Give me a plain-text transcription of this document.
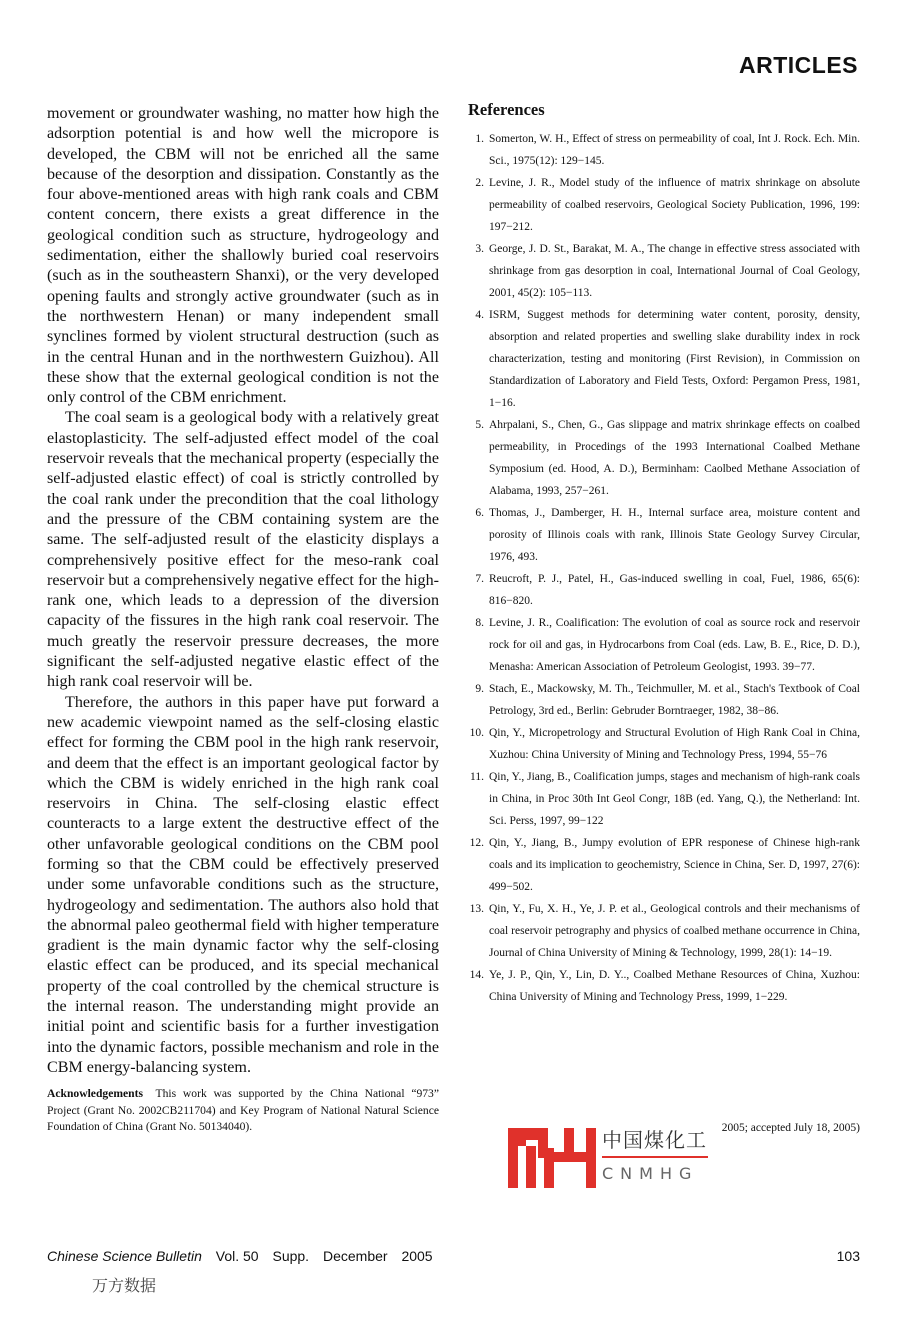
ARTICLES

movement or groundwater washing, no matter how high the adsorption potential is and how well the micropore is developed, the CBM will not be enriched all the same because of the desorption and dissipation. Constantly as the four above-mentioned areas with high rank coals and CBM content concern, there exists a great difference in the geological condition such as structure, hydrogeology and sedimentation, either the shallowly buried coal reservoirs (such as in the southeastern Shanxi), or the very developed opening faults and strongly active groundwater (such as in the northwestern Henan) or many independent small synclines formed by violent structural destruction (such as in the central Hunan and in the northwestern Guizhou). All these show that the external geological condition is not the only control of the CBM enrichment.

The coal seam is a geological body with a relatively great elastoplasticity. The self-adjusted effect model of the coal reservoir reveals that the mechanical property (especially the self-adjusted elastic effect) of coal is strictly controlled by the coal rank under the precondition that the coal lithology and the pressure of the CBM containing system are the same. The self-adjusted result of the elasticity displays a comprehensively positive effect for the meso-rank coal reservoir but a comprehensively negative effect for the high-rank one, which leads to a depression of the diversion capacity of the fissures in the high rank coal reservoir. The much greatly the reservoir pressure decreases, the more significant the self-adjusted negative elastic effect of the high rank coal reservoir will be.

Therefore, the authors in this paper have put forward a new academic viewpoint named as the self-closing elastic effect for forming the CBM pool in the high rank reservoir, and deem that the effect is an important geological factor by which the CBM is widely enriched in the high rank coal reservoirs in China. The self-closing elastic effect counteracts to a large extent the destructive effect of the other unfavorable geological conditions on the CBM pool forming so that the CBM could be effectively preserved under some unfavorable conditions such as the structure, hydrogeology and sedimentation. The authors also hold that the abnormal paleo geothermal field with higher temperature gradient is the main dynamic factor why the self-closing elastic effect can be produced, and its special mechanical property of the coal controlled by the chemical structure is the internal reason. The understanding might provide an initial point and scientific basis for a further investigation into the dynamic factors, possible mechanism and role in the CBM energy-balancing system.

Acknowledgements This work was supported by the China National “973” Project (Grant No. 2002CB211704) and Key Program of National Natural Science Foundation of China (Grant No. 50134040).

References
1. Somerton, W. H., Effect of stress on permeability of coal, Int J. Rock. Ech. Min. Sci., 1975(12): 129−145.
2. Levine, J. R., Model study of the influence of matrix shrinkage on absolute permeability of coalbed reservoirs, Geological Society Publication, 1996, 199: 197−212.
3. George, J. D. St., Barakat, M. A., The change in effective stress associated with shrinkage from gas desorption in coal, International Journal of Coal Geology, 2001, 45(2): 105−113.
4. ISRM, Suggest methods for determining water content, porosity, density, absorption and related properties and swelling slake durability index in rock characterization, testing and monitoring (First Revision), in Commission on Standardization of Laboratory and Field Tests, Oxford: Pergamon Press, 1981, 1−16.
5. Ahrpalani, S., Chen, G., Gas slippage and matrix shrinkage effects on coalbed permeability, in Procedings of the 1993 International Coalbed Methane Symposium (ed. Hood, A. D.), Berminham: Caolbed Methane Association of Alabama, 1993, 257−261.
6. Thomas, J., Damberger, H. H., Internal surface area, moisture content and porosity of Illinois coals with rank, Illinois State Geology Survey Circular, 1976, 493.
7. Reucroft, P. J., Patel, H., Gas-induced swelling in coal, Fuel, 1986, 65(6): 816−820.
8. Levine, J. R., Coalification: The evolution of coal as source rock and reservoir rock for oil and gas, in Hydrocarbons from Coal (eds. Law, B. E., Rice, D. D.), Menasha: American Association of Petroleum Geologist, 1993. 39−77.
9. Stach, E., Mackowsky, M. Th., Teichmuller, M. et al., Stach's Textbook of Coal Petrology, 3rd ed., Berlin: Gebruder Borntraeger, 1982, 38−86.
10. Qin, Y., Micropetrology and Structural Evolution of High Rank Coal in China, Xuzhou: China University of Mining and Technology Press, 1994, 55−76
11. Qin, Y., Jiang, B., Coalification jumps, stages and mechanism of high-rank coals in China, in Proc 30th Int Geol Congr, 18B (ed. Yang, Q.), the Netherland: Int. Sci. Perss, 1997, 99−122
12. Qin, Y., Jiang, B., Jumpy evolution of EPR responese of Chinese high-rank coals and its implication to geochemistry, Science in China, Ser. D, 1997, 27(6): 499−502.
13. Qin, Y., Fu, X. H., Ye, J. P. et al., Geological controls and their mechanisms of coal reservoir petrography and physics of coalbed methane occurrence in China, Journal of China University of Mining & Technology, 1999, 28(1): 14−19.
14. Ye, J. P., Qin, Y., Lin, D. Y.., Coalbed Methane Resources of China, Xuzhou: China University of Mining and Technology Press, 1999, 1−229.
2005; accepted July 18, 2005)
中国煤化工
CNMHG
Chinese Science Bulletin Vol. 50 Supp. December 2005	103
万方数据
